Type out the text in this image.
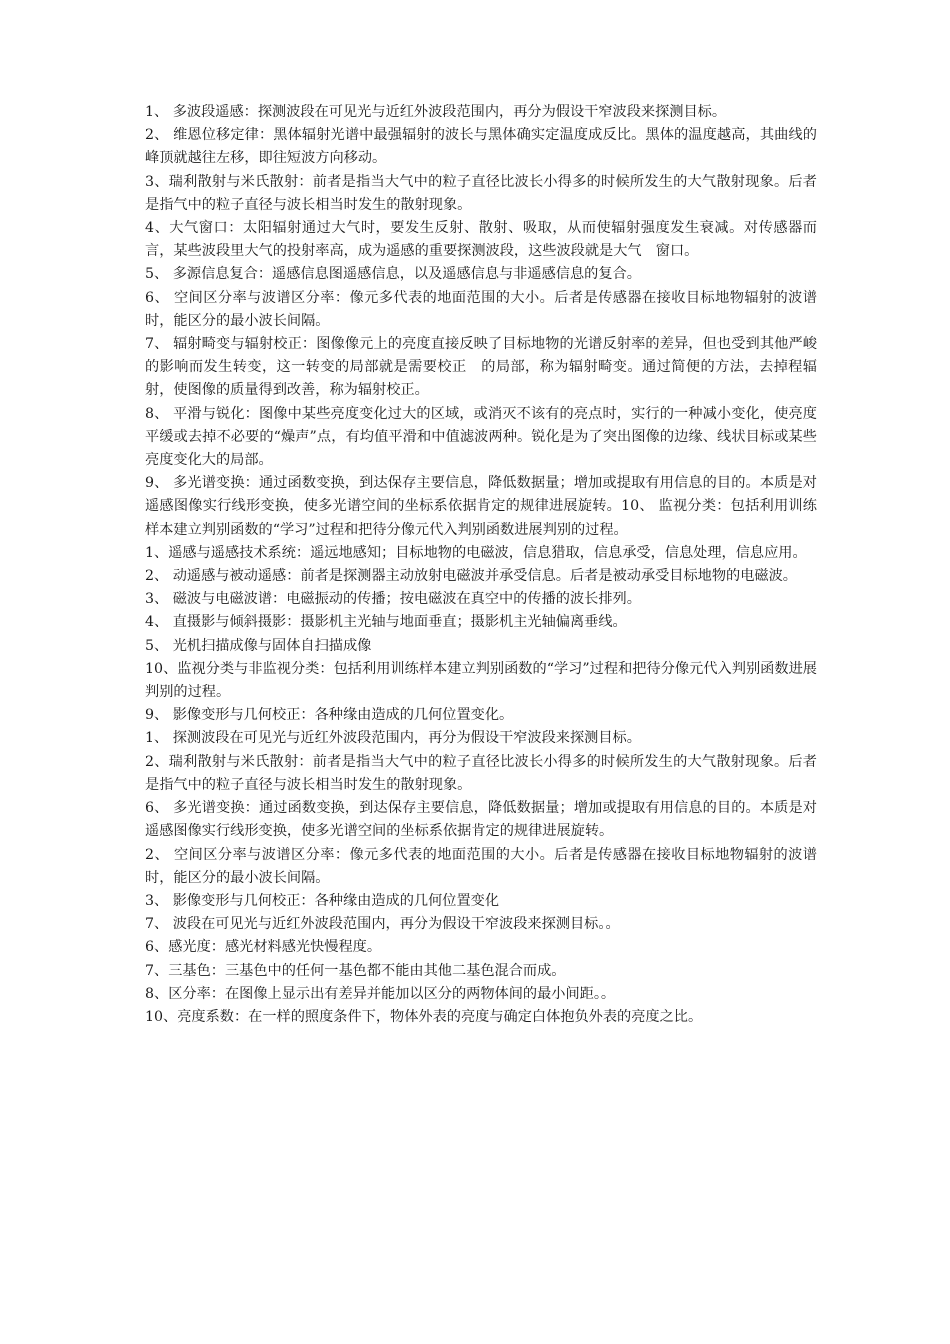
1、 多波段遥感：探测波段在可见光与近红外波段范围内，再分为假设干窄波段来探测目标。

2、 维恩位移定律：黑体辐射光谱中最强辐射的波长与黑体确实定温度成反比。黑体的温度越高，其曲线的峰顶就越往左移，即往短波方向移动。

3、瑞利散射与米氏散射：前者是指当大气中的粒子直径比波长小得多的时候所发生的大气散射现象。后者是指气中的粒子直径与波长相当时发生的散射现象。

4、大气窗口：太阳辐射通过大气时，要发生反射、散射、吸取，从而使辐射强度发生衰减。对传感器而言，某些波段里大气的投射率高，成为遥感的重要探测波段，这些波段就是大气　窗口。

5、 多源信息复合：遥感信息图遥感信息，以及遥感信息与非遥感信息的复合。

6、 空间区分率与波谱区分率：像元多代表的地面范围的大小。后者是传感器在接收目标地物辐射的波谱时，能区分的最小波长间隔。

7、 辐射畸变与辐射校正：图像像元上的亮度直接反映了目标地物的光谱反射率的差异，但也受到其他严峻的影响而发生转变，这一转变的局部就是需要校正　的局部，称为辐射畸变。通过简便的方法，去掉程辐射，使图像的质量得到改善，称为辐射校正。

8、 平滑与锐化：图像中某些亮度变化过大的区域，或消灭不该有的亮点时，实行的一种减小变化，使亮度平缓或去掉不必要的“燥声”点，有均值平滑和中值滤波两种。锐化是为了突出图像的边缘、线状目标或某些亮度变化大的局部。

9、 多光谱变换：通过函数变换，到达保存主要信息，降低数据量；增加或提取有用信息的目的。本质是对遥感图像实行线形变换，使多光谱空间的坐标系依据肯定的规律进展旋转。10、 监视分类：包括利用训练样本建立判别函数的“学习”过程和把待分像元代入判别函数进展判别的过程。

1、遥感与遥感技术系统：遥远地感知；目标地物的电磁波，信息猎取，信息承受，信息处理，信息应用。

2、 动遥感与被动遥感：前者是探测器主动放射电磁波并承受信息。后者是被动承受目标地物的电磁波。

3、 磁波与电磁波谱：电磁振动的传播；按电磁波在真空中的传播的波长排列。

4、 直摄影与倾斜摄影：摄影机主光轴与地面垂直；摄影机主光轴偏离垂线。

5、 光机扫描成像与固体自扫描成像

10、监视分类与非监视分类：包括利用训练样本建立判别函数的“学习”过程和把待分像元代入判别函数进展判别的过程。

9、 影像变形与几何校正：各种缘由造成的几何位置变化。

1、 探测波段在可见光与近红外波段范围内，再分为假设干窄波段来探测目标。

2、瑞利散射与米氏散射：前者是指当大气中的粒子直径比波长小得多的时候所发生的大气散射现象。后者是指气中的粒子直径与波长相当时发生的散射现象。

6、 多光谱变换：通过函数变换，到达保存主要信息，降低数据量；增加或提取有用信息的目的。本质是对遥感图像实行线形变换，使多光谱空间的坐标系依据肯定的规律进展旋转。

2、 空间区分率与波谱区分率：像元多代表的地面范围的大小。后者是传感器在接收目标地物辐射的波谱时，能区分的最小波长间隔。

3、 影像变形与几何校正：各种缘由造成的几何位置变化

7、 波段在可见光与近红外波段范围内，再分为假设干窄波段来探测目标。。

6、感光度：感光材料感光快慢程度。

7、三基色：三基色中的任何一基色都不能由其他二基色混合而成。

8、区分率：在图像上显示出有差异并能加以区分的两物体间的最小间距。。

10、亮度系数：在一样的照度条件下，物体外表的亮度与确定白体抱负外表的亮度之比。
